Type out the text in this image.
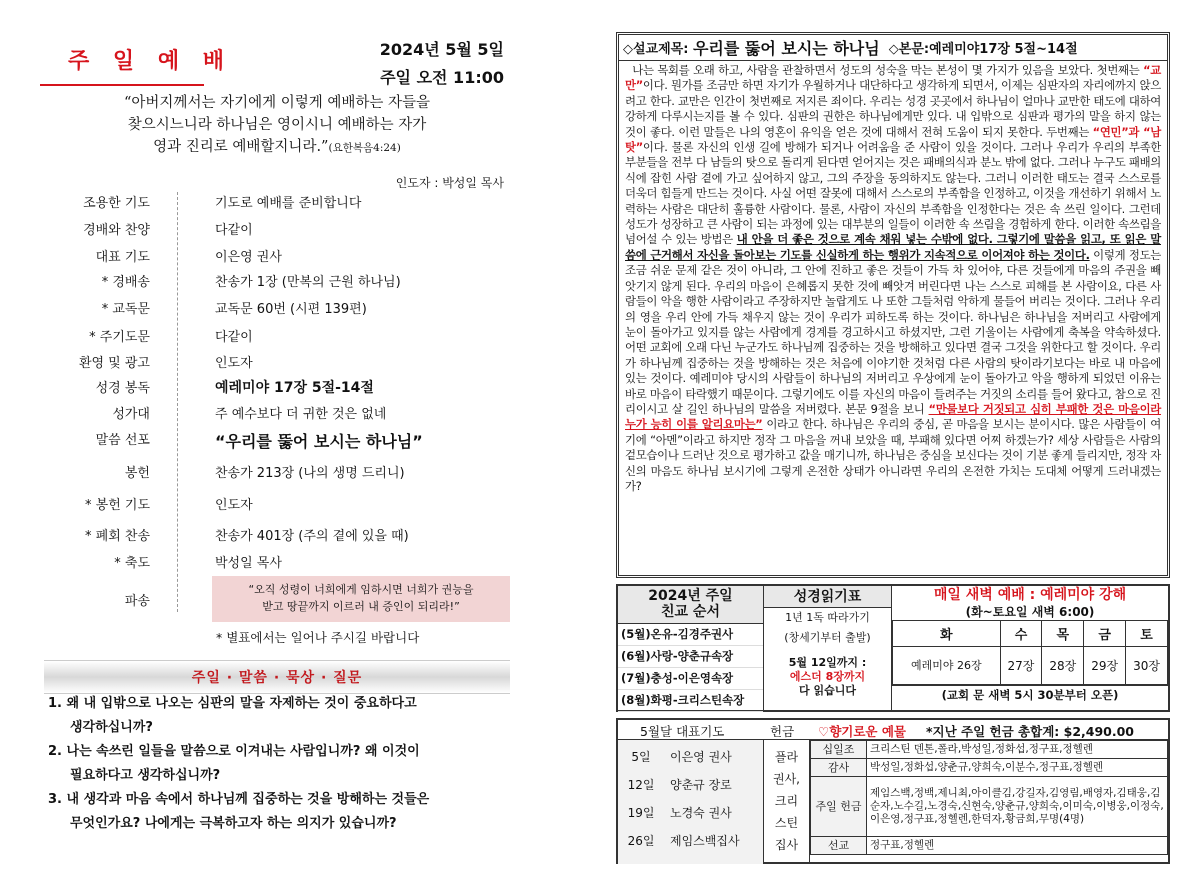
주 일 예 배	2024년 5월 5일
주일 오전 11:00
“아버지께서는 자기에게 이렇게 예배하는 자들을
찾으시느니라 하나님은 영이시니 예배하는 자가
영과 진리로 예배할지니라.”(요한복음4:24)
인도자 : 박성일 목사
조용한 기도	기도로 예배를 준비합니다
경배와 찬양	다같이
대표 기도	이은영 권사
* 경배송	찬송가 1장 (만복의 근원 하나님)
* 교독문	교독문 60번 (시편 139편)
* 주기도문	다같이
환영 및 광고	인도자
성경 봉독	예레미야 17장 5절-14절
성가대	주 예수보다 더 귀한 것은 없네
말씀 선포	“우리를 뚫어 보시는 하나님”
봉헌	찬송가 213장 (나의 생명 드리니)
* 봉헌 기도	인도자
* 폐회 찬송	찬송가 401장 (주의 곁에 있을 때)
* 축도	박성일 목사
파송
“오직 성령이 너희에게 임하시면 너희가 권능을
받고 땅끝까지 이르러 내 증인이 되리라!”
* 별표에서는 일어나 주시길 바랍니다
주일 · 말씀 · 묵상 · 질문
1. 왜 내 입밖으로 나오는 심판의 말을 자제하는 것이 중요하다고
생각하십니까?
2. 나는 속쓰린 일들을 말씀으로 이겨내는 사람입니까? 왜 이것이
필요하다고 생각하십니까?
3. 내 생각과 마음 속에서 하나님께 집중하는 것을 방해하는 것들은
무엇인가요? 나에게는 극복하고자 하는 의지가 있습니까?
◇설교제목:
우리를 뚫어 보시는 하나님
◇본문:예레미야17장 5절~14절
나는 목회를 오래 하고, 사람을 관찰하면서 성도의 성숙을 막는 본성이 몇 가지가 있음을 보았다. 첫번째는 “교만”이다. 뭔가를 조금만 하면 자기가 우월하거나 대단하다고 생각하게 되면서, 이제는 심판자의 자리에까지 앉으려고 한다. 교만은 인간이 첫번째로 저지른 죄이다. 우리는 성경 곳곳에서 하나님이 얼마나 교만한 태도에 대하여 강하게 다루시는지를 볼 수 있다. 심판의 권한은 하나님에게만 있다. 내 입밖으로 심판과 평가의 말을 하지 않는 것이 좋다. 이런 말들은 나의 영혼이 유익을 얻은 것에 대해서 전혀 도움이 되지 못한다. 두번째는 “연민”과 “남 탓”이다. 물론 자신의 인생 길에 방해가 되거나 어려움을 준 사람이 있을 것이다. 그러나 우리가 우리의 부족한 부분들을 전부 다 남들의 탓으로 돌리게 된다면 얻어지는 것은 패배의식과 분노 밖에 없다. 그러나 누구도 패배의식에 잡힌 사람 곁에 가고 싶어하지 않고, 그의 주장을 동의하지도 않는다. 그러니 이러한 태도는 결국 스스로를 더욱더 힘들게 만드는 것이다. 사실 어떤 잘못에 대해서 스스로의 부족함을 인정하고, 이것을 개선하기 위해서 노력하는 사람은 대단히 훌륭한 사람이다. 물론, 사람이 자신의 부족함을 인정한다는 것은 속 쓰린 일이다. 그런데 성도가 성장하고 큰 사람이 되는 과정에 있는 대부분의 일들이 이러한 속 쓰림을 경험하게 한다. 이러한 속쓰림을 넘어설 수 있는 방법은 내 안을 더 좋은 것으로 계속 채워 넣는 수밖에 없다. 그렇기에 말씀을 읽고, 또 읽은 말씀에 근거해서 자신을 돌아보는 기도를 신실하게 하는 행위가 지속적으로 이어져야 하는 것이다. 이렇게 정도는 조금 쉬운 문제 같은 것이 아니라, 그 안에 진하고 좋은 것들이 가득 차 있어야, 다른 것들에게 마음의 주권을 빼앗기지 않게 된다. 우리의 마음이 은혜롭지 못한 것에 빼앗겨 버린다면 나는 스스로 피해를 본 사람이요, 다른 사람들이 악을 행한 사람이라고 주장하지만 놀랍게도 나 또한 그들처럼 악하게 물들어 버리는 것이다. 그러나 우리의 영을 우리 안에 가득 채우지 않는 것이 우리가 피하도록 하는 것이다. 하나님은 하나님을 저버리고 사람에게 눈이 돌아가고 있지를 않는 사람에게 경계를 경고하시고 하셨지만, 그런 기울이는 사람에게 축복을 약속하셨다. 어떤 교회에 오래 다닌 누군가도 하나님께 집중하는 것을 방해하고 있다면 결국 그것을 위한다고 할 것이다. 우리가 하나님께 집중하는 것을 방해하는 것은 처음에 이야기한 것처럼 다른 사람의 탓이라기보다는 바로 내 마음에 있는 것이다. 예레미야 당시의 사람들이 하나님의 저버리고 우상에게 눈이 돌아가고 악을 행하게 되었던 이유는 바로 마음이 타락했기 때문이다. 그렇기에도 이를 자신의 마음이 들려주는 거짓의 소리를 들어 왔다고, 참으로 진리이시고 살 길인 하나님의 말씀을 저버렸다. 본문 9절을 보니 “만물보다 거짓되고 심히 부패한 것은 마음이라 누가 능히 이를 알리요마는” 이라고 한다. 하나님은 우리의 중심, 곧 마음을 보시는 분이시다. 많은 사람들이 여기에 “아멘”이라고 하지만 정작 그 마음을 꺼내 보았을 때, 부패해 있다면 어찌 하겠는가? 세상 사람들은 사람의 겉모습이나 드러난 것으로 평가하고 값을 매기니까, 하나님은 중심을 보신다는 것이 기분 좋게 들리지만, 정작 자신의 마음도 하나님 보시기에 그렇게 온전한 상태가 아니라면 우리의 온전한 가치는 도대체 어떻게 드러내겠는가?
2024년 주일
친교 순서
(5월)온유-김경주권사
(6월)사랑-양춘규속장
(7월)충성-이은영속장
(8월)화평-크리스틴속장
성경읽기표
1년 1독 따라가기
(창세기부터 출발)
5월 12일까지 :
에스더 8장까지
다 읽습니다
매일 새벽 예배 : 예레미야 강해
(화~토요일 새벽 6:00)
화	수	목	금	토
예레미야 26장	27장	28장	29장	30장
(교회 문 새벽 5시 30분부터 오픈)
5월달 대표기도	헌금 ♡향기로운 예물 *지난 주일 헌금 총합계: $2,490.00
5일	이은영 권사
12일 양춘규 장로
19일 노경숙 권사
26일 제임스백집사
플라
권사,
크리
스틴
집사
십일조	크리스틴 덴톤,폴라,박성일,정화섭,정구표,정헬렌
감사	박성일,정화섭,양춘규,양희숙,이분수,정구표,정헬렌
주일 헌금	제임스백,정백,제니최,아이클김,강길자,김영림,배영자,김태웅,김순자,노수길,노경숙,신현숙,양춘규,양희숙,이미숙,이병웅,이정숙,이은영,정구표,정헬렌,한덕자,황금희,무명(4명)
선교	정구표,정헬렌
